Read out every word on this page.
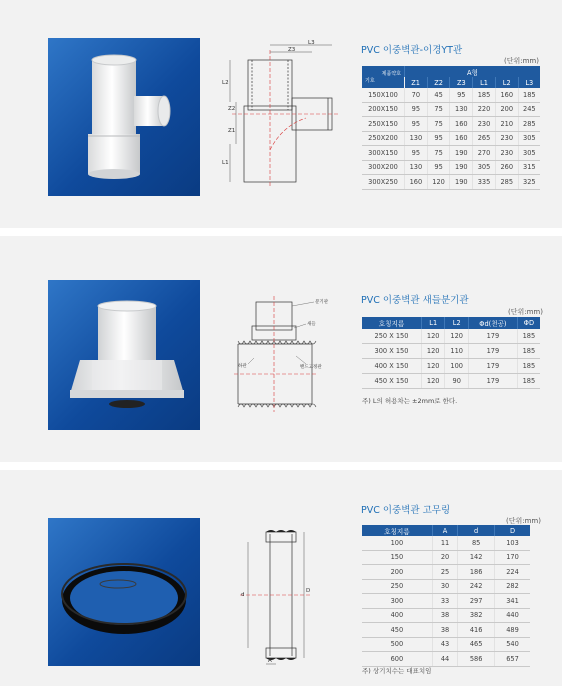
L3
Z3
L2
Z2
Z1
L1
PVC 이중벽관-이경YT관
(단위:mm)
제품약호
기호	A형					
	Z1	Z2	Z3	L1	L2	L3
150X100	70	45	95	185	160	185
200X150	95	75	130	220	200	245
250X150	95	75	160	230	210	285
250X200	130	95	160	265	230	305
300X150	95	75	190	270	230	305
300X200	130	95	190	305	260	315
300X250	160	120	190	335	285	325
분기관
새들
하관	밴드고정관
PVC 이중벽관 새들분기관
(단위:mm)
호칭지름	L1	L2	Φd(천공)	ΦD
250 X 150	120	120	179	185
300 X 150	120	110	179	185
400 X 150	120	100	179	185
450 X 150	120	90	179	185
주) L의 허용차는 ±2mm로 한다.
d
D
A
PVC 이중벽관 고무링
(단위:mm)
호칭지름	A	d	D
100	11	85	103
150	20	142	170
200	25	186	224
250	30	242	282
300	33	297	341
400	38	382	440
450	38	416	489
500	43	465	540
600	44	586	657
주) 상기치수는 대표치임
